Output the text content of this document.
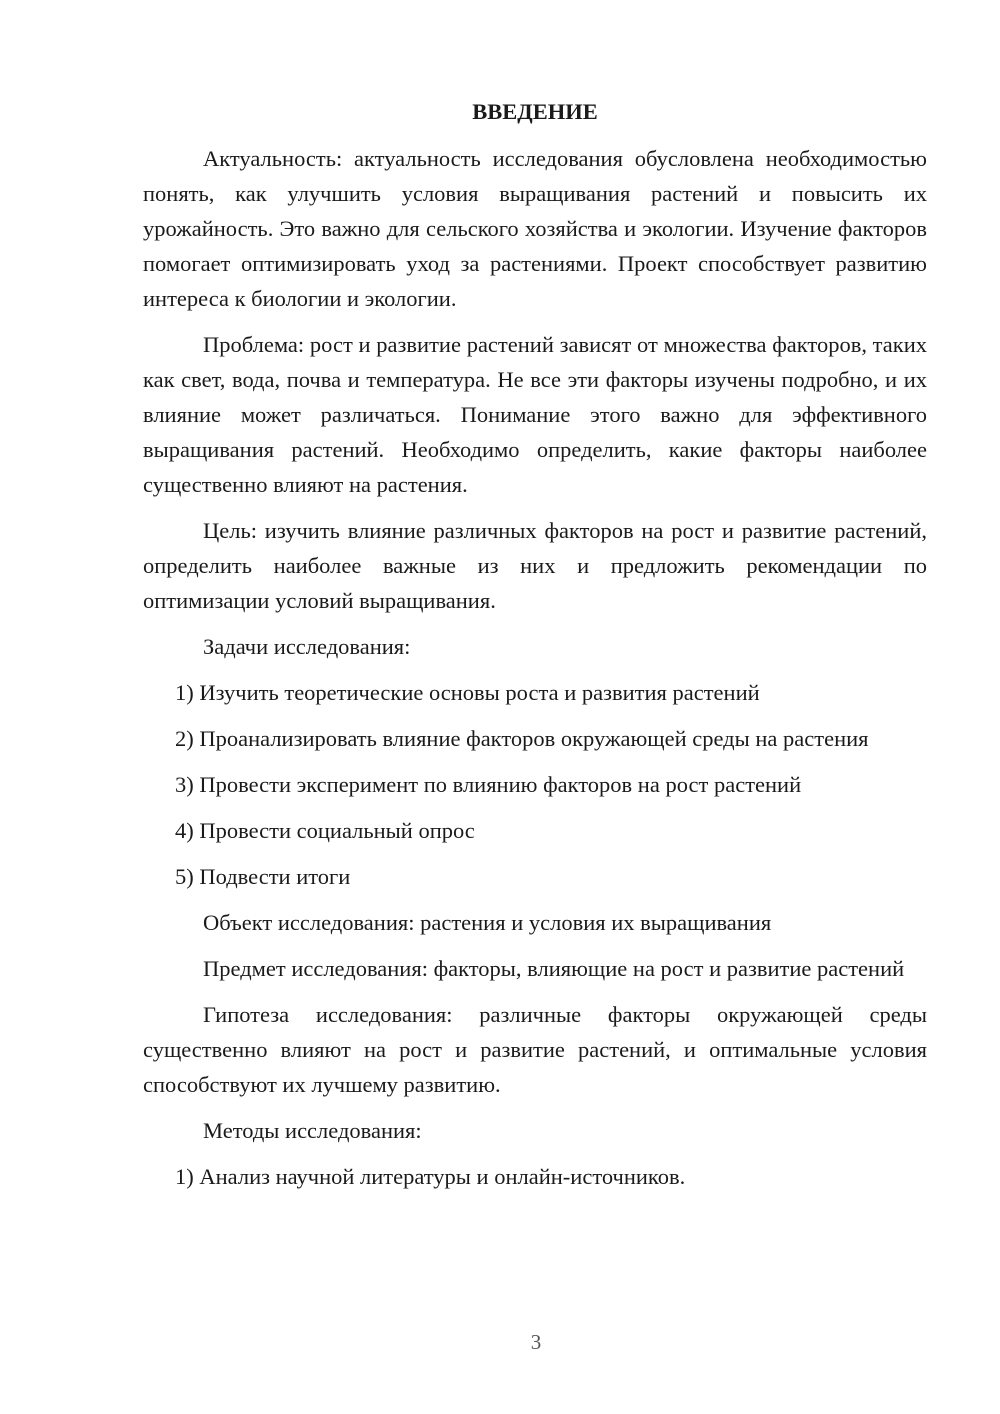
ВВЕДЕНИЕ

Актуальность: актуальность исследования обусловлена необходимостью понять, как улучшить условия выращивания растений и повысить их урожайность. Это важно для сельского хозяйства и экологии. Изучение факторов помогает оптимизировать уход за растениями. Проект способствует развитию интереса к биологии и экологии.

Проблема: рост и развитие растений зависят от множества факторов, таких как свет, вода, почва и температура. Не все эти факторы изучены подробно, и их влияние может различаться. Понимание этого важно для эффективного выращивания растений. Необходимо определить, какие факторы наиболее существенно влияют на растения.

Цель: изучить влияние различных факторов на рост и развитие растений, определить наиболее важные из них и предложить рекомендации по оптимизации условий выращивания.

Задачи исследования:

1) Изучить теоретические основы роста и развития растений

2) Проанализировать влияние факторов окружающей среды на растения

3) Провести эксперимент по влиянию факторов на рост растений

4) Провести социальный опрос

5) Подвести итоги

Объект исследования: растения и условия их выращивания

Предмет исследования: факторы, влияющие на рост и развитие растений

Гипотеза исследования: различные факторы окружающей среды существенно влияют на рост и развитие растений, и оптимальные условия способствуют их лучшему развитию.

Методы исследования:

1) Анализ научной литературы и онлайн-источников.

3
